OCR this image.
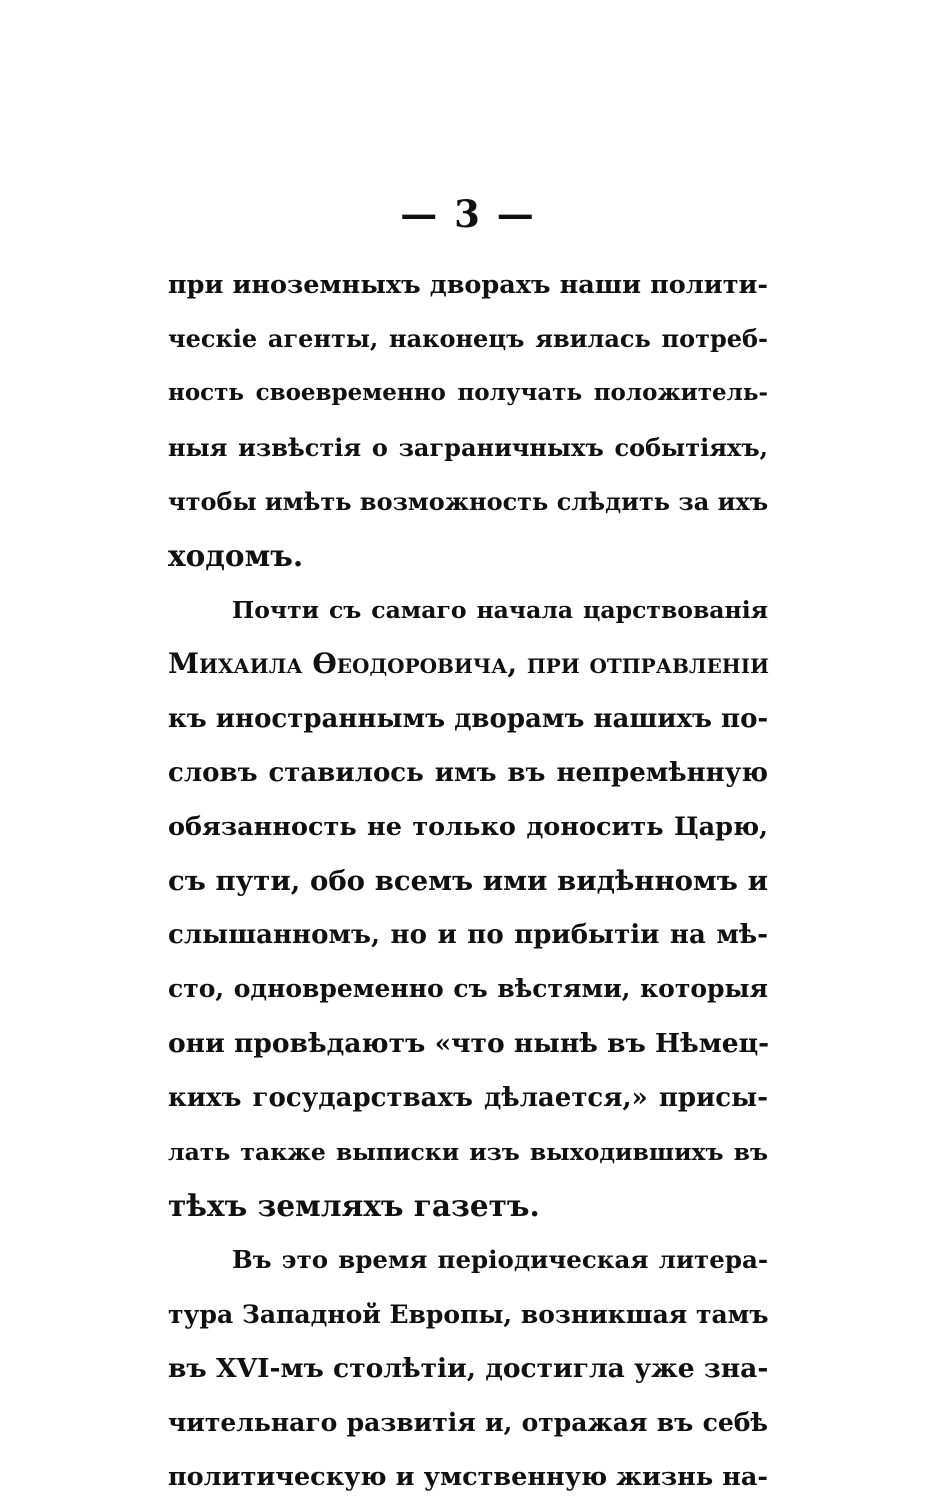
— 3 —
при иноземныхъ дворахъ наши полити-
ческіе агенты, наконецъ явилась потреб-
ность своевременно получать положитель-
ныя извѣстія о заграничныхъ событіяхъ,
чтобы имѣть возможность слѣдить за ихъ
ходомъ.
Почти съ самаго начала царствованія
Михаила Ѳеодоровича, при отправленіи
къ иностраннымъ дворамъ нашихъ по-
словъ ставилось имъ въ непремѣнную
обязанность не только доносить Царю,
съ пути, обо всемъ ими видѣнномъ и
слышанномъ, но и по прибытіи на мѣ-
сто, одновременно съ вѣстями, которыя
они провѣдаютъ «что нынѣ въ Нѣмец-
кихъ государствахъ дѣлается,» присы-
лать также выписки изъ выходившихъ въ
тѣхъ земляхъ газетъ.
Въ это время періодическая литера-
тура Западной Европы, возникшая тамъ
въ XVI-мъ столѣтіи, достигла уже зна-
чительнаго развитія и, отражая въ себѣ
политическую и умственную жизнь на-
